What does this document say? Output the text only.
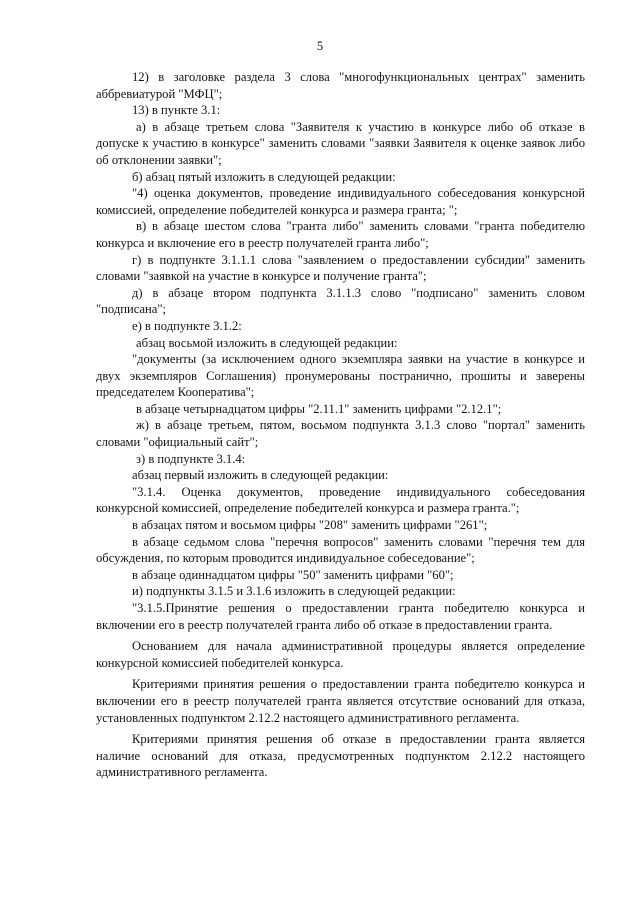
5

12) в заголовке раздела 3 слова "многофункциональных центрах" заменить аббревиатурой "МФЦ";

13) в пункте 3.1:

а) в абзаце третьем слова "Заявителя к участию в конкурсе либо об отказе в допуске к участию в конкурсе" заменить словами "заявки Заявителя к оценке заявок либо об отклонении заявки";

б) абзац пятый изложить в следующей редакции:

"4) оценка документов, проведение индивидуального собеседования конкурсной комиссией, определение победителей конкурса и размера гранта; ";

в) в абзаце шестом слова "гранта либо" заменить словами "гранта победителю конкурса и включение его в реестр получателей гранта либо";

г) в подпункте 3.1.1.1 слова "заявлением о предоставлении субсидии" заменить словами "заявкой на участие в конкурсе и получение гранта";

д) в абзаце втором подпункта 3.1.1.3 слово "подписано" заменить словом "подписана";

е) в подпункте 3.1.2:

абзац восьмой изложить в следующей редакции:

"документы (за исключением одного экземпляра заявки на участие в конкурсе и двух экземпляров Соглашения) пронумерованы постранично, прошиты и заверены председателем Кооператива";

в абзаце четырнадцатом цифры "2.11.1" заменить цифрами "2.12.1";

ж) в абзаце третьем, пятом, восьмом подпункта 3.1.3 слово "портал" заменить словами "официальный сайт";

з) в подпункте 3.1.4:

абзац первый изложить в следующей редакции:

"3.1.4. Оценка документов, проведение индивидуального собеседования конкурсной комиссией, определение победителей конкурса и размера гранта.";

в абзацах пятом и восьмом цифры "208" заменить цифрами "261";

в абзаце седьмом слова "перечня вопросов" заменить словами "перечня тем для обсуждения, по которым проводится индивидуальное собеседование";

в абзаце одиннадцатом цифры "50" заменить цифрами "60";

и) подпункты 3.1.5 и 3.1.6 изложить в следующей редакции:

"3.1.5.Принятие решения о предоставлении гранта победителю конкурса и включении его в реестр получателей гранта либо об отказе в предоставлении гранта.

Основанием для начала административной процедуры является определение конкурсной комиссией победителей конкурса.

Критериями принятия решения о предоставлении гранта победителю конкурса и включении его в реестр получателей гранта является отсутствие оснований для отказа, установленных подпунктом 2.12.2 настоящего административного регламента.

Критериями принятия решения об отказе в предоставлении гранта является наличие оснований для отказа, предусмотренных подпунктом 2.12.2 настоящего административного регламента.
